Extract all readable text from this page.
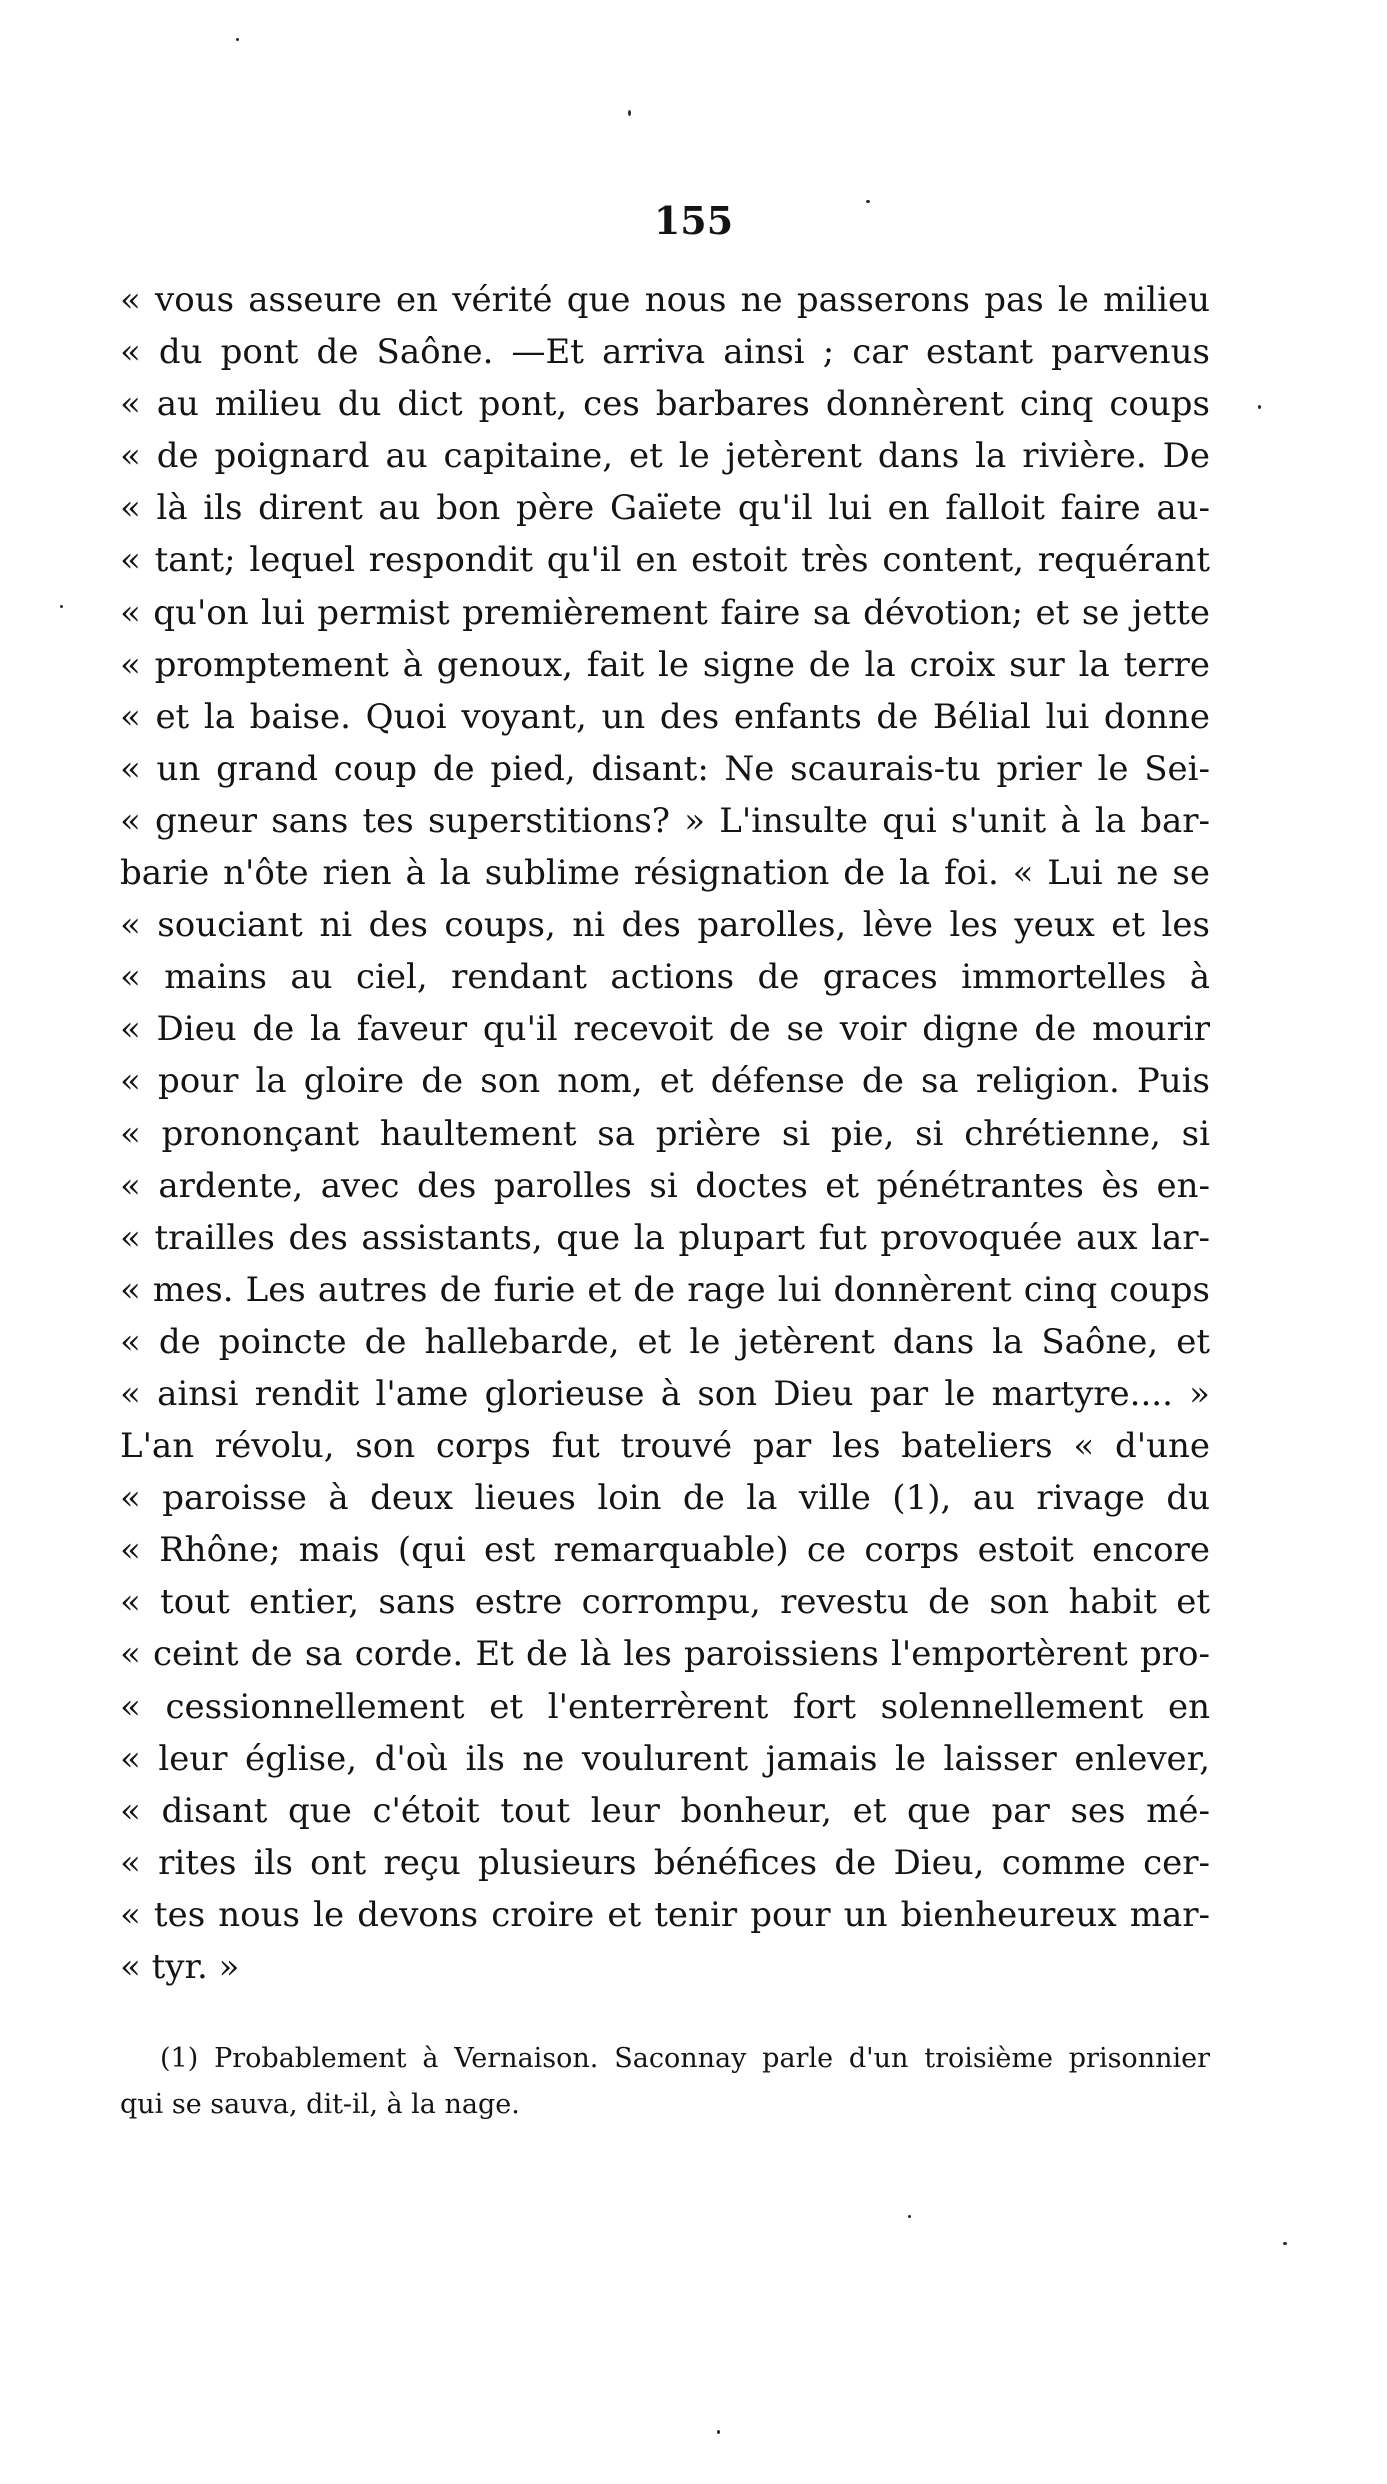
155
« vous asseure en vérité que nous ne passerons pas le milieu
« du pont de Saône. —Et arriva ainsi ; car estant parvenus
« au milieu du dict pont, ces barbares donnèrent cinq coups
« de poignard au capitaine, et le jetèrent dans la rivière. De
« là ils dirent au bon père Gaïete qu'il lui en falloit faire au-
« tant; lequel respondit qu'il en estoit très content, requérant
« qu'on lui permist premièrement faire sa dévotion; et se jette
« promptement à genoux, fait le signe de la croix sur la terre
« et la baise. Quoi voyant, un des enfants de Bélial lui donne
« un grand coup de pied, disant: Ne scaurais-tu prier le Sei-
« gneur sans tes superstitions? » L'insulte qui s'unit à la bar-
barie n'ôte rien à la sublime résignation de la foi. « Lui ne se
« souciant ni des coups, ni des parolles, lève les yeux et les
« mains au ciel, rendant actions de graces immortelles à
« Dieu de la faveur qu'il recevoit de se voir digne de mourir
« pour la gloire de son nom, et défense de sa religion. Puis
« prononçant haultement sa prière si pie, si chrétienne, si
« ardente, avec des parolles si doctes et pénétrantes ès en-
« trailles des assistants, que la plupart fut provoquée aux lar-
« mes. Les autres de furie et de rage lui donnèrent cinq coups
« de poincte de hallebarde, et le jetèrent dans la Saône, et
« ainsi rendit l'ame glorieuse à son Dieu par le martyre.... »
L'an révolu, son corps fut trouvé par les bateliers « d'une
« paroisse à deux lieues loin de la ville (1), au rivage du
« Rhône; mais (qui est remarquable) ce corps estoit encore
« tout entier, sans estre corrompu, revestu de son habit et
« ceint de sa corde. Et de là les paroissiens l'emportèrent pro-
« cessionnellement et l'enterrèrent fort solennellement en
« leur église, d'où ils ne voulurent jamais le laisser enlever,
« disant que c'étoit tout leur bonheur, et que par ses mé-
« rites ils ont reçu plusieurs bénéfices de Dieu, comme cer-
« tes nous le devons croire et tenir pour un bienheureux mar-
« tyr. »
(1) Probablement à Vernaison. Saconnay parle d'un troisième prisonnier
qui se sauva, dit-il, à la nage.
